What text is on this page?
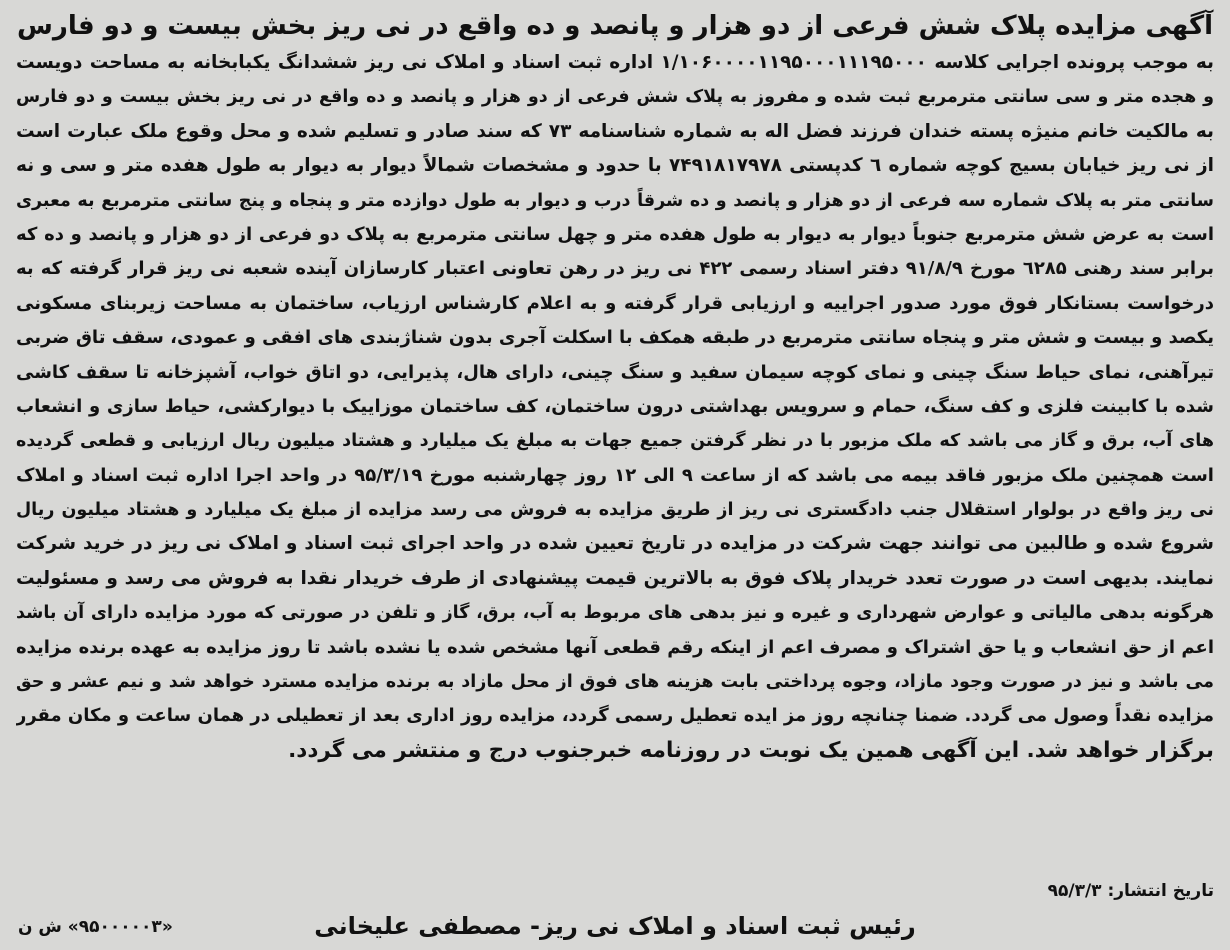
آگهی مزایده پلاک شش فرعی از دو هزار و پانصد و ده واقع در نی ریز بخش بیست و دو فارس
به موجب پرونده اجرایی کلاسه ۱/۱۰۶۰۰۰۰۱۱۹۵۰۰۰۱۱۱۹۵۰۰۰ اداره ثبت اسناد و املاک نی ریز ششدانگ یکبابخانه به مساحت دویست
و هجده متر و سی سانتی مترمربع ثبت شده و مفروز به پلاک شش فرعی از دو هزار و پانصد و ده واقع در نی ریز بخش بیست و دو فارس
به مالکیت خانم منیژه پسته خندان فرزند فضل اله به شماره شناسنامه ۷۳ که سند صادر و تسلیم شده و محل وقوع ملک عبارت است
از نی ریز خیابان بسیج کوچه شماره ٦ کدپستی ۷۴۹۱۸۱۷۹۷۸ با حدود و مشخصات شمالاً دیوار به دیوار به طول هفده متر و سی و نه
سانتی متر به پلاک شماره سه فرعی از دو هزار و پانصد و ده شرقاً درب و دیوار به طول دوازده متر و پنجاه و پنج سانتی مترمربع به معبری
است به عرض شش مترمربع جنوباً دیوار به دیوار به طول هفده متر و چهل سانتی مترمربع به پلاک دو فرعی از دو هزار و پانصد و ده که
برابر سند رهنی ٦۲۸۵ مورخ ۹۱/۸/۹ دفتر اسناد رسمی ۴۲۲ نی ریز در رهن تعاونی اعتبار کارسازان آینده شعبه نی ریز قرار گرفته که به
درخواست بستانکار فوق مورد صدور اجراییه و ارزیابی قرار گرفته و به اعلام کارشناس ارزیاب، ساختمان به مساحت زیربنای مسکونی
یکصد و بیست و شش متر و پنجاه سانتی مترمربع در طبقه همکف با اسکلت آجری بدون شناژبندی های افقی و عمودی، سقف تاق ضربی
تیرآهنی، نمای حیاط سنگ چینی و نمای کوچه سیمان سفید و سنگ چینی، دارای هال، پذیرایی، دو اتاق خواب، آشپزخانه تا سقف کاشی
شده با کابینت فلزی و کف سنگ، حمام و سرویس بهداشتی درون ساختمان، کف ساختمان موزاییک با دیوارکشی، حیاط سازی و انشعاب
های آب، برق و گاز می باشد که ملک مزبور با در نظر گرفتن جمیع جهات به مبلغ یک میلیارد و هشتاد میلیون ریال ارزیابی و قطعی گردیده
است همچنین ملک مزبور فاقد بیمه می باشد که از ساعت ۹ الی ۱۲ روز چهارشنبه مورخ ۹۵/۳/۱۹ در واحد اجرا اداره ثبت اسناد و املاک
نی ریز واقع در بولوار استقلال جنب دادگستری نی ریز از طریق مزایده به فروش می رسد مزایده از مبلغ یک میلیارد و هشتاد میلیون ریال
شروع شده و طالبین می توانند جهت شرکت در مزایده در تاریخ تعیین شده در واحد اجرای ثبت اسناد و املاک نی ریز در خرید شرکت
نمایند. بدیهی است در صورت تعدد خریدار پلاک فوق به بالاترین قیمت پیشنهادی از طرف خریدار نقدا به فروش می رسد و مسئولیت
هرگونه بدهی مالیاتی و عوارض شهرداری و غیره و نیز بدهی های مربوط به آب، برق، گاز و تلفن در صورتی که مورد مزایده دارای آن باشد
اعم از حق انشعاب و یا حق اشتراک و مصرف اعم از اینکه رقم قطعی آنها مشخص شده یا نشده باشد تا روز مزایده به عهده برنده مزایده
می باشد و نیز در صورت وجود مازاد، وجوه پرداختی بابت هزینه های فوق از محل مازاد به برنده مزایده مسترد خواهد شد و نیم عشر و حق
مزایده نقداً وصول می گردد. ضمنا چنانچه روز مز ایده تعطیل رسمی گردد، مزایده روز اداری بعد از تعطیلی در همان ساعت و مکان مقرر
برگزار خواهد شد. این آگهی همین یک نوبت در روزنامه خبرجنوب درج و منتشر می گردد.
تاریخ انتشار: ۹۵/۳/۳
رئیس ثبت اسناد و املاک نی ریز- مصطفی علیخانی
«۹۵۰۰۰۰۰۳» ش ن
